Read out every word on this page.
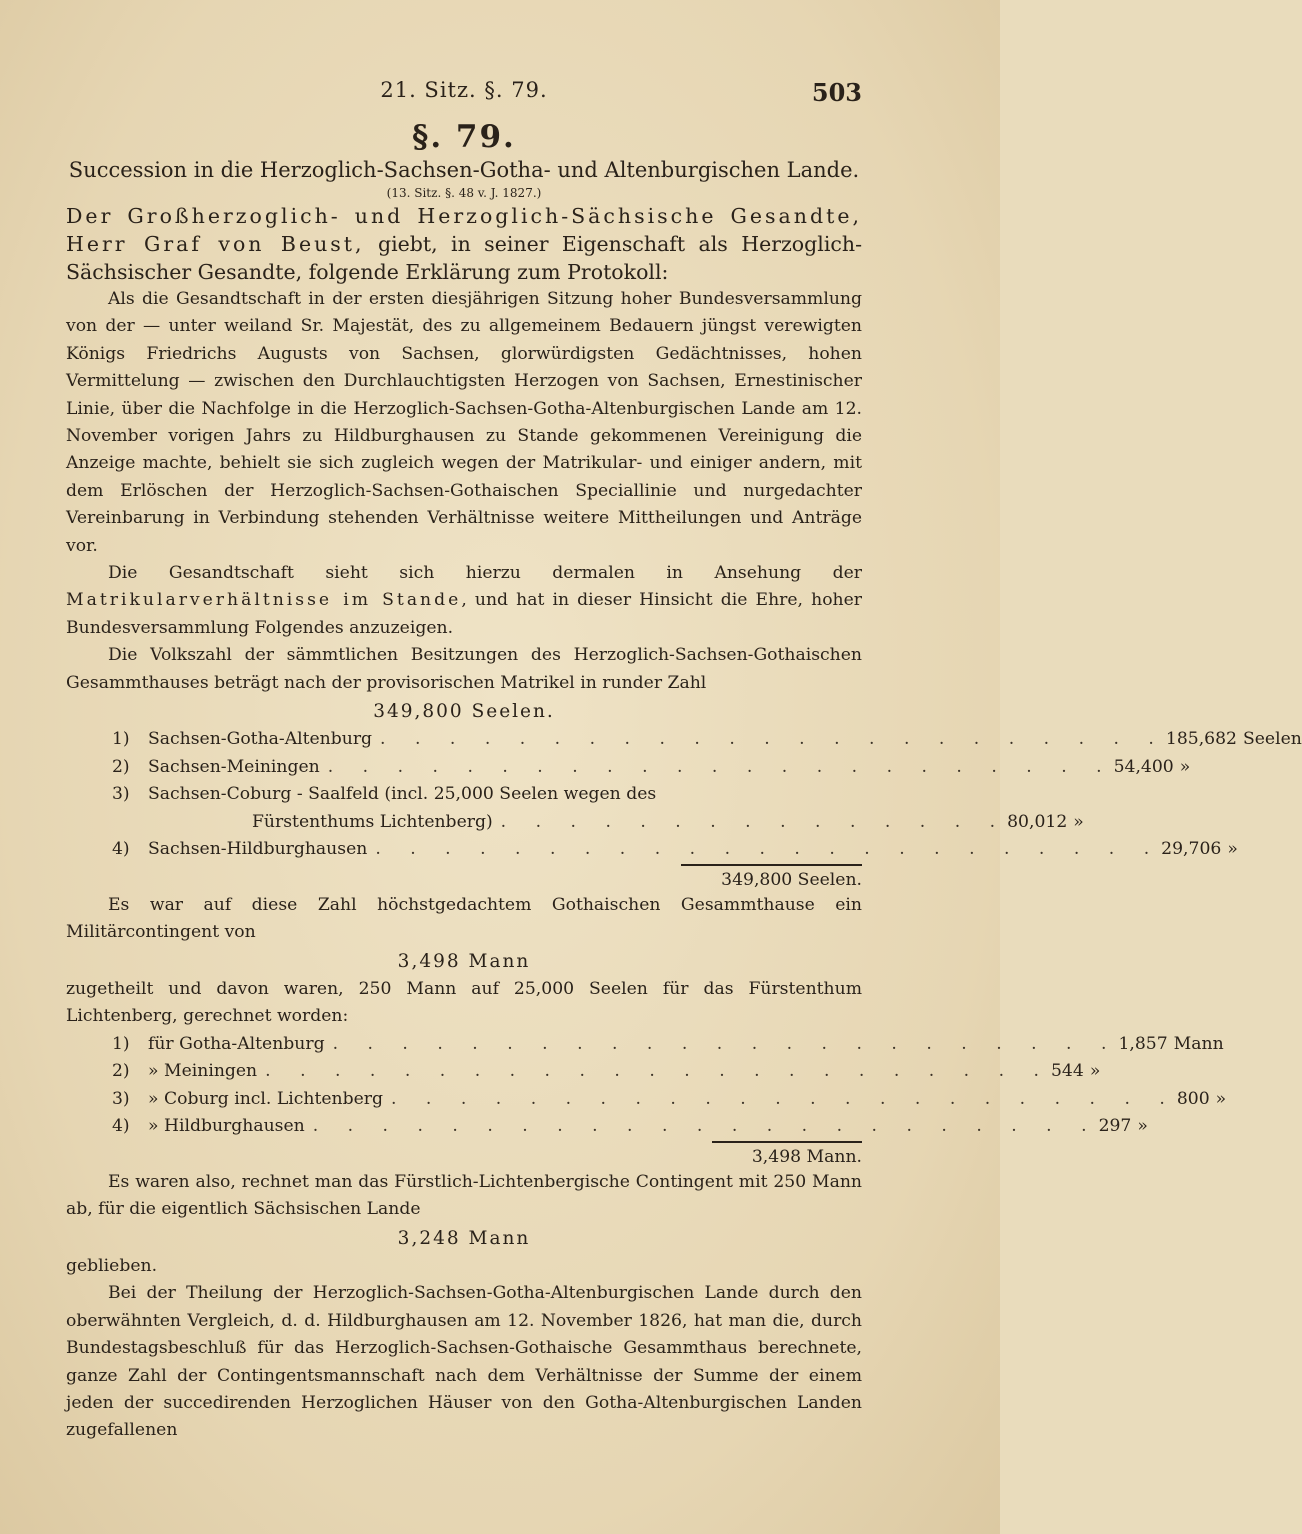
21. Sitz. §. 79.	503
§. 79.
Succession in die Herzoglich-Sachsen-Gotha- und Altenburgischen Lande.
(13. Sitz. §. 48 v. J. 1827.)

Der Großherzoglich- und Herzoglich-Sächsische Gesandte, Herr Graf von Beust, giebt, in seiner Eigenschaft als Herzoglich-Sächsischer Gesandte, folgende Erklärung zum Protokoll:

Als die Gesandtschaft in der ersten diesjährigen Sitzung hoher Bundesversammlung von der — unter weiland Sr. Majestät, des zu allgemeinem Bedauern jüngst verewigten Königs Friedrichs Augusts von Sachsen, glorwürdigsten Gedächtnisses, hohen Vermittelung — zwischen den Durchlauchtigsten Herzogen von Sachsen, Ernestinischer Linie, über die Nachfolge in die Herzoglich-Sachsen-Gotha-Altenburgischen Lande am 12. November vorigen Jahrs zu Hildburghausen zu Stande gekommenen Vereinigung die Anzeige machte, behielt sie sich zugleich wegen der Matrikular- und einiger andern, mit dem Erlöschen der Herzoglich-Sachsen-Gothaischen Speciallinie und nurgedachter Vereinbarung in Verbindung stehenden Verhältnisse weitere Mittheilungen und Anträge vor.

Die Gesandtschaft sieht sich hierzu dermalen in Ansehung der Matrikularverhältnisse im Stande, und hat in dieser Hinsicht die Ehre, hoher Bundesversammlung Folgendes anzuzeigen.

Die Volkszahl der sämmtlichen Besitzungen des Herzoglich-Sachsen-Gothaischen Gesammthauses beträgt nach der provisorischen Matrikel in runder Zahl

349,800 Seelen.
1)	Sachsen-Gotha-Altenburg . . . . . . . . . . . . . . . . . . . . . . . 185,682 Seelen
2)	Sachsen-Meiningen . . . . . . . . . . . . . . . . . . . . . . . 54,400 »
3)	Sachsen-Coburg - Saalfeld (incl. 25,000 Seelen wegen des
Fürstenthums Lichtenberg) . . . . . . . . . . . . . . . 80,012 »
4)	Sachsen-Hildburghausen . . . . . . . . . . . . . . . . . . . . . . . 29,706 »
349,800 Seelen.

Es war auf diese Zahl höchstgedachtem Gothaischen Gesammthause ein Militärcontingent von

3,498 Mann

zugetheilt und davon waren, 250 Mann auf 25,000 Seelen für das Fürstenthum Lichtenberg, gerechnet worden:

1)	für Gotha-Altenburg . . . . . . . . . . . . . . . . . . . . . . . 1,857 Mann
2)	» Meiningen . . . . . . . . . . . . . . . . . . . . . . . 544 »
3)	» Coburg incl. Lichtenberg . . . . . . . . . . . . . . . . . . . . . . . 800 »
4)	» Hildburghausen . . . . . . . . . . . . . . . . . . . . . . . 297 »
3,498 Mann.

Es waren also, rechnet man das Fürstlich-Lichtenbergische Contingent mit 250 Mann ab, für die eigentlich Sächsischen Lande

3,248 Mann

geblieben.

Bei der Theilung der Herzoglich-Sachsen-Gotha-Altenburgischen Lande durch den oberwähnten Vergleich, d. d. Hildburghausen am 12. November 1826, hat man die, durch Bundestagsbeschluß für das Herzoglich-Sachsen-Gothaische Gesammthaus berechnete, ganze Zahl der Contingentsmannschaft nach dem Verhältnisse der Summe der einem jeden der succedirenden Herzoglichen Häuser von den Gotha-Altenburgischen Landen zugefallenen
